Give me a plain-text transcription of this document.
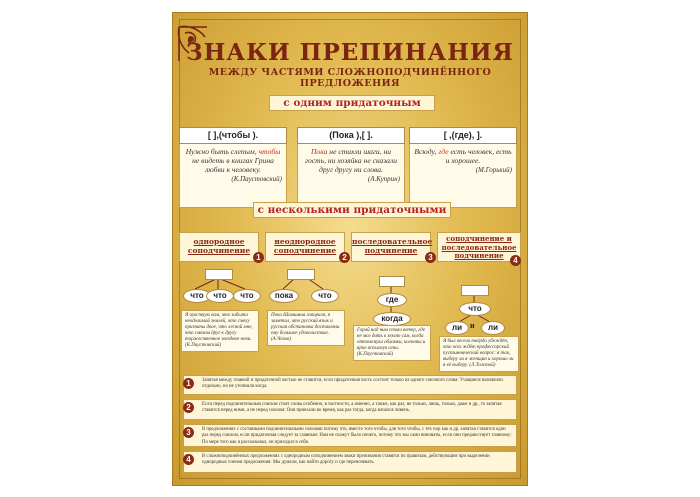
ЗНАКИ ПРЕПИНАНИЯ
МЕЖДУ ЧАСТЯМИ СЛОЖНОПОДЧИНЁННОГО ПРЕДЛОЖЕНИЯ
с одним придаточным
[ ],(чтобы ).
Нужно быть слепым, чтобы не видеть в книгах Грина любви к человеку.
(К.Паустовский)
(Пока ),[ ].
Пока не стихли шаги, ни гость, ни хозяйка не сказали друг другу ни слова.
(А.Куприн)
[ ,(где), ].
Всюду, где есть человек, есть и хорошее.
(М.Горький)
с несколькими придаточными
однородное соподчинение
1
неоднородное соподчинение
2
последовательное подчинение
3
соподчинение и последовательное подчинение
4
что	что	что	пока	что	где
когда
что
ли	и	ли
Я чувствую вам, что забыта неодолимой землей, что смеху признаны двое, что лесной мне, что смехом друг к другу торжественное звездное ночи. (К.Паустовский)
Пока Шамшина говорила, я заметил, что русский язык и русская обстановка доставляли ему большое удовольствие. (А.Чехов)
Горой над ним стоял ветер, где не мог дать в землю сам, когда оттолкнули обломки, колонны и ярко вспыхнув огни. (К.Паустовский)
Я был весело твёрдо убеждён, что всех ждёт профессорский пустыннический вопрос: я так, выберу ли я женщин и хорошо ли я её выберу. (Л.Толстой)
Запятая между главной и придаточной частью не ставится, если придаточная часть состоит только из одного союзного слова: Учащиеся назначили отдельно, но не уточнили когда.
1
Если перед подчинительным союзом стоят слова особенно, в частности, а именно, а также, как раз, не только, лишь, только, даже и др., то запятая ставится перед ними, а не перед союзом: Они приехали во время, как раз тогда, когда начался ливень.
2
В предложениях с составными подчинительными союзами потому что, вместо того чтобы, для того чтобы, с тех пор как и др. запятая ставится один раз перед союзом, если придаточная следует за главным: Нам не скажут было ничего, потому что мы сами виноваты, если они предшествует главному: По мере того как я рассказывал, он приходил в себя.
3
В сложноподчинённых предложениях с однородным соподчинением знаки препинания ставятся по правилам, действующим при выделении однородных членов предложения: Мы думали, как найти дорогу и где переночевать.
4
